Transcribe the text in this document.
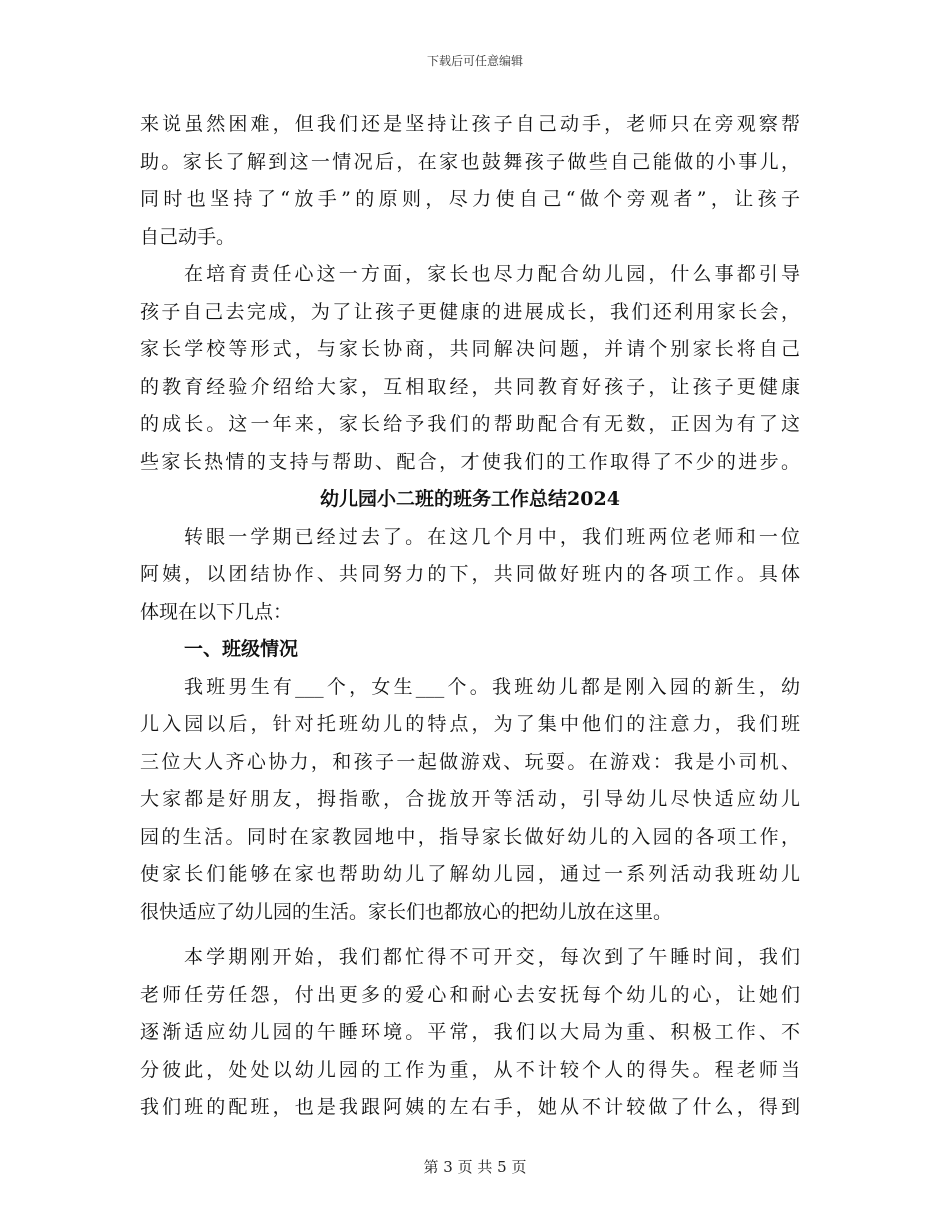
下载后可任意编辑
来说虽然困难，但我们还是坚持让孩子自己动手，老师只在旁观察帮
助。家长了解到这一情况后，在家也鼓舞孩子做些自己能做的小事儿，
同时也坚持了“放手”的原则，尽力使自己“做个旁观者”，让孩子
自己动手。
在培育责任心这一方面，家长也尽力配合幼儿园，什么事都引导
孩子自己去完成，为了让孩子更健康的进展成长，我们还利用家长会，
家长学校等形式，与家长协商，共同解决问题，并请个别家长将自己
的教育经验介绍给大家，互相取经，共同教育好孩子，让孩子更健康
的成长。这一年来，家长给予我们的帮助配合有无数，正因为有了这
些家长热情的支持与帮助、配合，才使我们的工作取得了不少的进步。
幼儿园小二班的班务工作总结2024
转眼一学期已经过去了。在这几个月中，我们班两位老师和一位
阿姨，以团结协作、共同努力的下，共同做好班内的各项工作。具体
体现在以下几点：
一、班级情况
我班男生有___个，女生___个。我班幼儿都是刚入园的新生，幼
儿入园以后，针对托班幼儿的特点，为了集中他们的注意力，我们班
三位大人齐心协力，和孩子一起做游戏、玩耍。在游戏：我是小司机、
大家都是好朋友，拇指歌，合拢放开等活动，引导幼儿尽快适应幼儿
园的生活。同时在家教园地中，指导家长做好幼儿的入园的各项工作，
使家长们能够在家也帮助幼儿了解幼儿园，通过一系列活动我班幼儿
很快适应了幼儿园的生活。家长们也都放心的把幼儿放在这里。
本学期刚开始，我们都忙得不可开交，每次到了午睡时间，我们
老师任劳任怨，付出更多的爱心和耐心去安抚每个幼儿的心，让她们
逐渐适应幼儿园的午睡环境。平常，我们以大局为重、积极工作、不
分彼此，处处以幼儿园的工作为重，从不计较个人的得失。程老师当
我们班的配班，也是我跟阿姨的左右手，她从不计较做了什么，得到
第 3 页 共 5 页
